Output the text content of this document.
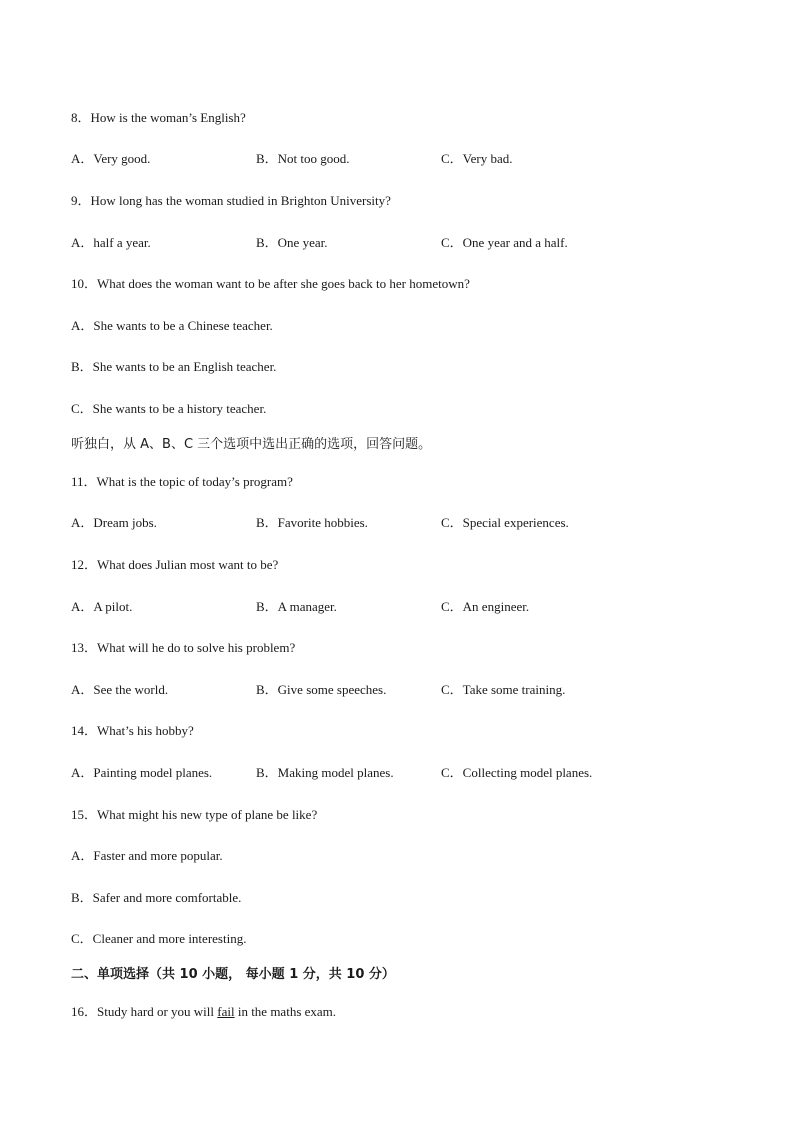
8．How is the woman’s English?
A．Very good.	B．Not too good.	C．Very bad.
9．How long has the woman studied in Brighton University?
A．half a year.	B．One year.	C．One year and a half.
10．What does the woman want to be after she goes back to her hometown?
A．She wants to be a Chinese teacher.
B．She wants to be an English teacher.
C．She wants to be a history teacher.
听独白，从 A、B、C 三个选项中选出正确的选项，回答问题。
11．What is the topic of today’s program?
A．Dream jobs.	B．Favorite hobbies.	C．Special experiences.
12．What does Julian most want to be?
A．A pilot.	B．A manager.	C．An engineer.
13．What will he do to solve his problem?
A．See the world.	B．Give some speeches.	C．Take some training.
14．What’s his hobby?
A．Painting model planes.	B．Making model planes.	C．Collecting model planes.
15．What might his new type of plane be like?
A．Faster and more popular.
B．Safer and more comfortable.
C．Cleaner and more interesting.
二、单项选择（共 10 小题， 每小题 1 分，共 10 分）
16．Study hard or you will fail in the maths exam.
